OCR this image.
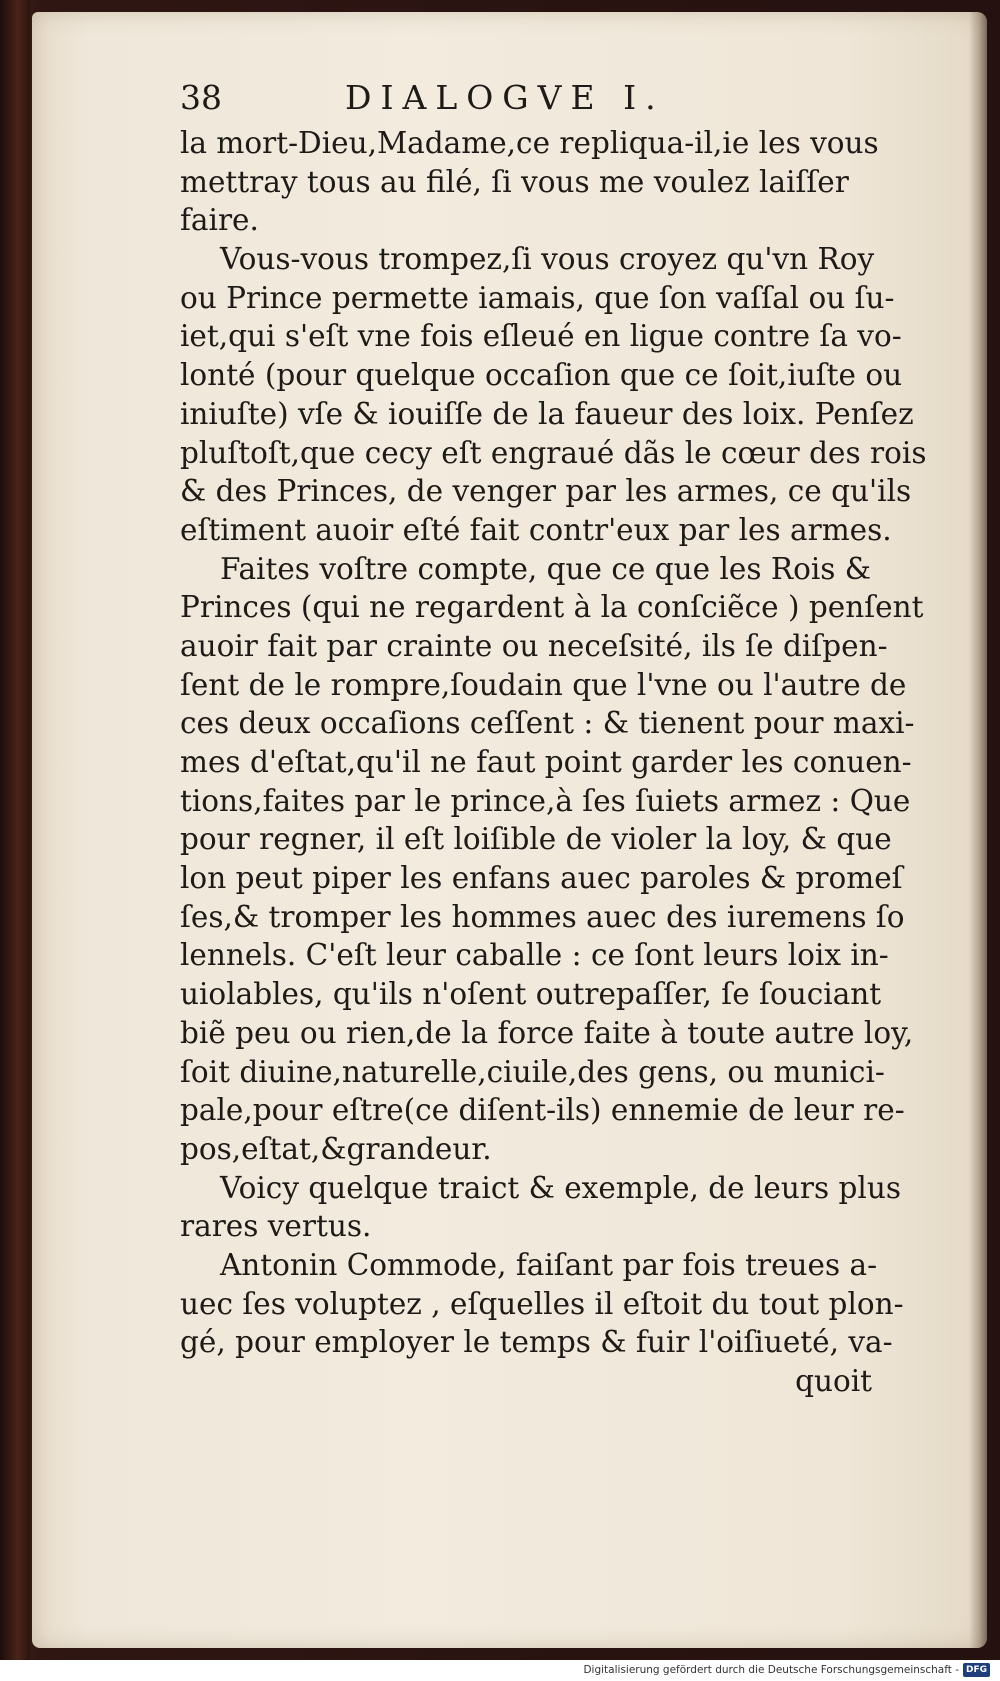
38	DIALOGVE I.
la mort-Dieu,Madame,ce repliqua-il,ie les vous
mettray tous au filé, ſi vous me voulez laiſſer
faire.
Vous-vous trompez,ſi vous croyez qu'vn Roy
ou Prince permette iamais, que ſon vaſſal ou ſu-
iet,qui s'eſt vne fois eſleué en ligue contre ſa vo-
lonté (pour quelque occaſion que ce ſoit,iuſte ou
iniuſte) vſe & iouiſſe de la faueur des loix. Penſez
pluſtoſt,que cecy eſt engraué dãs le cœur des rois
& des Princes, de venger par les armes, ce qu'ils
eſtiment auoir eſté fait contr'eux par les armes.
Faites voſtre compte, que ce que les Rois &
Princes (qui ne regardent à la conſciẽce ) penſent
auoir fait par crainte ou neceſsité, ils ſe diſpen-
ſent de le rompre,ſoudain que l'vne ou l'autre de
ces deux occaſions ceſſent : & tienent pour maxi-
mes d'eſtat,qu'il ne faut point garder les conuen-
tions,faites par le prince,à ſes ſuiets armez : Que
pour regner, il eſt loiſible de violer la loy, & que
lon peut piper les enfans auec paroles & promeſ
ſes,& tromper les hommes auec des iuremens ſo
lennels. C'eſt leur caballe : ce ſont leurs loix in-
uiolables, qu'ils n'oſent outrepaſſer, ſe ſouciant
biẽ peu ou rien,de la force faite à toute autre loy,
ſoit diuine,naturelle,ciuile,des gens, ou munici-
pale,pour eſtre(ce diſent-ils) ennemie de leur re-
pos,eſtat,&grandeur.
Voicy quelque traict & exemple, de leurs plus
rares vertus.
Antonin Commode, faiſant par fois treues a-
uec ſes voluptez , eſquelles il eſtoit du tout plon-
gé, pour employer le temps & fuir l'oiſiueté, va-
quoit
Digitalisierung gefördert durch die Deutsche Forschungsgemeinschaft - DFG
